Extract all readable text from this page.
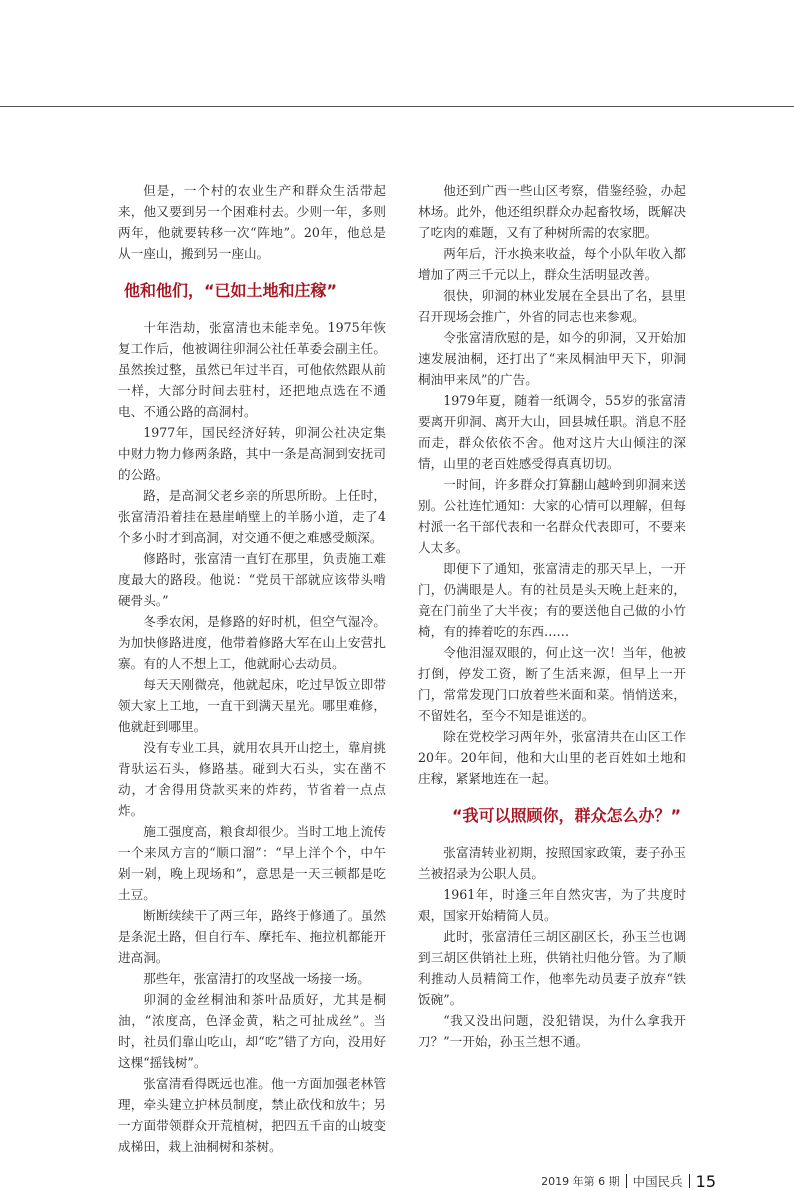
但是，一个村的农业生产和群众生活带起来，他又要到另一个困难村去。少则一年，多则两年，他就要转移一次“阵地”。20年，他总是从一座山，搬到另一座山。

他和他们，“已如土地和庄稼”

十年浩劫，张富清也未能幸免。1975年恢复工作后，他被调往卯洞公社任革委会副主任。虽然挨过整，虽然已年过半百，可他依然跟从前一样，大部分时间去驻村，还把地点选在不通电、不通公路的高洞村。

1977年，国民经济好转，卯洞公社决定集中财力物力修两条路，其中一条是高洞到安抚司的公路。

路，是高洞父老乡亲的所思所盼。上任时，张富清沿着挂在悬崖峭壁上的羊肠小道，走了4个多小时才到高洞，对交通不便之难感受颇深。

修路时，张富清一直钉在那里，负责施工难度最大的路段。他说：“党员干部就应该带头啃硬骨头。”

冬季农闲，是修路的好时机，但空气湿冷。为加快修路进度，他带着修路大军在山上安营扎寨。有的人不想上工，他就耐心去动员。

每天天刚微亮，他就起床，吃过早饭立即带领大家上工地，一直干到满天星光。哪里难修，他就赶到哪里。

没有专业工具，就用农具开山挖土，靠肩挑背驮运石头，修路基。碰到大石头，实在凿不动，才舍得用贷款买来的炸药，节省着一点点炸。

施工强度高，粮食却很少。当时工地上流传一个来凤方言的“顺口溜”：“早上洋个个，中午剁一剁，晚上现场和”，意思是一天三顿都是吃土豆。

断断续续干了两三年，路终于修通了。虽然是条泥土路，但自行车、摩托车、拖拉机都能开进高洞。

那些年，张富清打的攻坚战一场接一场。

卯洞的金丝桐油和茶叶品质好，尤其是桐油，“浓度高，色泽金黄，粘之可扯成丝”。当时，社员们靠山吃山，却“吃”错了方向，没用好这棵“摇钱树”。

张富清看得既远也准。他一方面加强老林管理，牵头建立护林员制度，禁止砍伐和放牛；另一方面带领群众开荒植树，把四五千亩的山坡变成梯田，栽上油桐树和茶树。

他还到广西一些山区考察，借鉴经验，办起林场。此外，他还组织群众办起畜牧场，既解决了吃肉的难题，又有了种树所需的农家肥。

两年后，汗水换来收益，每个小队年收入都增加了两三千元以上，群众生活明显改善。

很快，卯洞的林业发展在全县出了名，县里召开现场会推广，外省的同志也来参观。

令张富清欣慰的是，如今的卯洞，又开始加速发展油桐，还打出了“来凤桐油甲天下，卯洞桐油甲来凤”的广告。

1979年夏，随着一纸调令，55岁的张富清要离开卯洞、离开大山，回县城任职。消息不胫而走，群众依依不舍。他对这片大山倾注的深情，山里的老百姓感受得真真切切。

一时间，许多群众打算翻山越岭到卯洞来送别。公社连忙通知：大家的心情可以理解，但每村派一名干部代表和一名群众代表即可，不要来人太多。

即便下了通知，张富清走的那天早上，一开门，仍满眼是人。有的社员是头天晚上赶来的，竟在门前坐了大半夜；有的要送他自己做的小竹椅，有的捧着吃的东西……

令他泪湿双眼的，何止这一次！当年，他被打倒，停发工资，断了生活来源，但早上一开门，常常发现门口放着些米面和菜。悄悄送来，不留姓名，至今不知是谁送的。

除在党校学习两年外，张富清共在山区工作20年。20年间，他和大山里的老百姓如土地和庄稼，紧紧地连在一起。

“我可以照顾你，群众怎么办？”

张富清转业初期，按照国家政策，妻子孙玉兰被招录为公职人员。

1961年，时逢三年自然灾害，为了共度时艰，国家开始精简人员。

此时，张富清任三胡区副区长，孙玉兰也调到三胡区供销社上班，供销社归他分管。为了顺利推动人员精简工作，他率先动员妻子放弃“铁饭碗”。

“我又没出问题，没犯错误，为什么拿我开刀？”一开始，孙玉兰想不通。

2019 年第 6 期 中国民兵 15
